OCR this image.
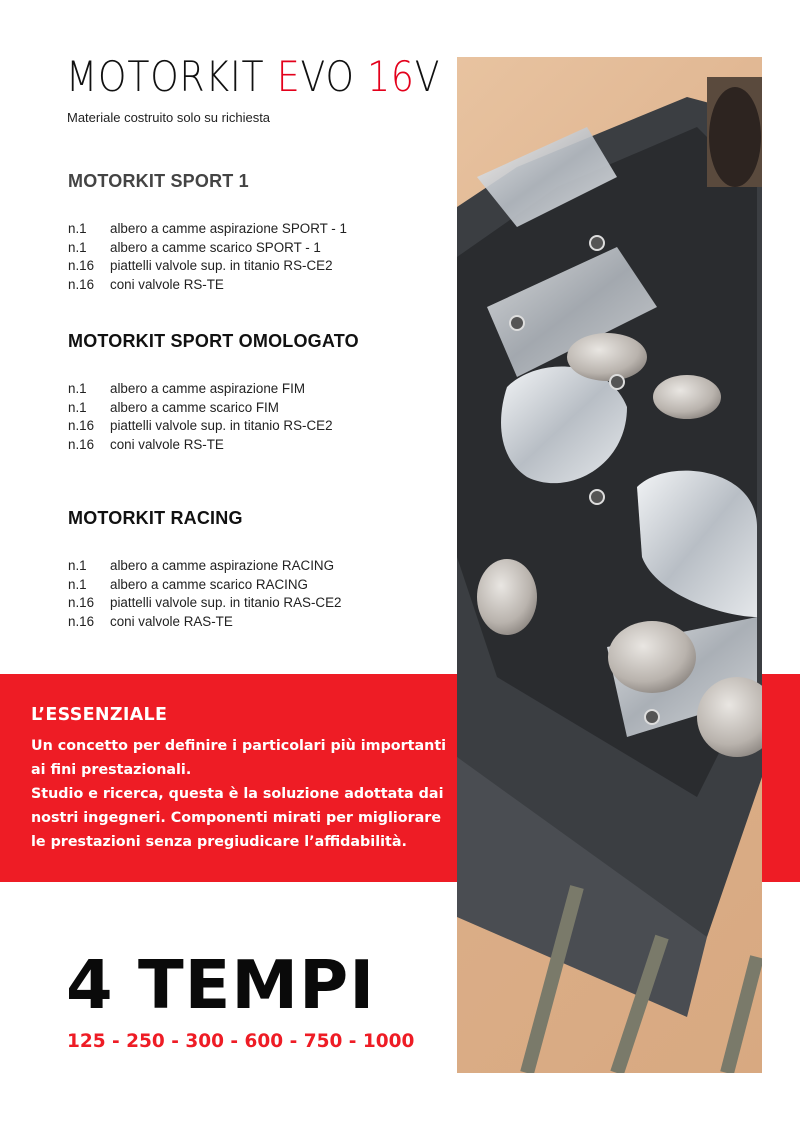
MOTORKIT EVO 16V
Materiale costruito solo su richiesta
MOTORKIT SPORT 1
n.1	albero a camme aspirazione SPORT - 1
n.1	albero a camme scarico SPORT - 1
n.16	piattelli valvole sup. in titanio RS-CE2
n.16	coni valvole RS-TE
MOTORKIT SPORT OMOLOGATO
n.1	albero a camme aspirazione FIM
n.1	albero a camme scarico FIM
n.16	piattelli valvole sup. in titanio RS-CE2
n.16	coni valvole RS-TE
MOTORKIT RACING
n.1	albero a camme aspirazione RACING
n.1	albero a camme scarico RACING
n.16	piattelli valvole sup. in titanio RAS-CE2
n.16	coni valvole RAS-TE
L’ESSENZIALE
Un concetto per definire i particolari più importanti
ai fini prestazionali.
Studio e ricerca, questa è la soluzione adottata dai
nostri ingegneri. Componenti mirati per migliorare
le prestazioni senza pregiudicare l’affidabilità.
4 TEMPI
125 - 250 - 300 - 600 - 750 - 1000
